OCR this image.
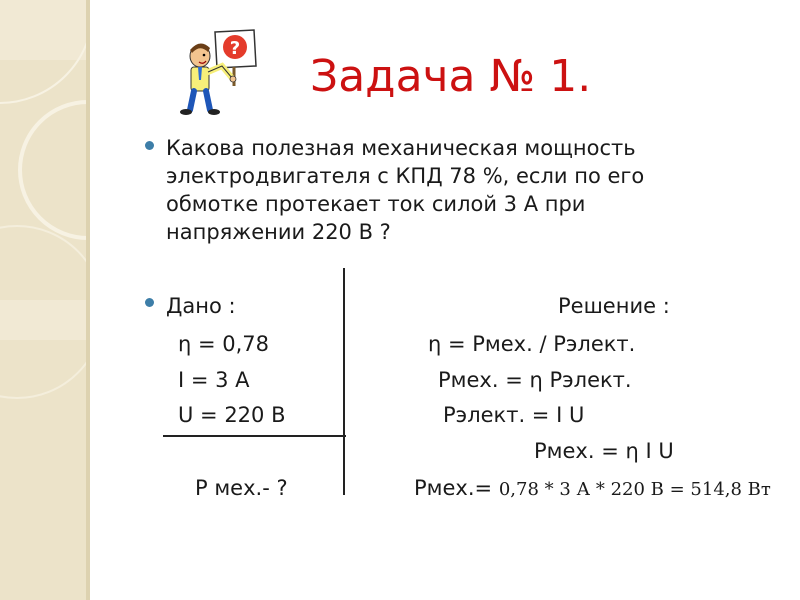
?
Задача № 1.
Какова полезная механическая мощность
электродвигателя с КПД 78 %, если по его
обмотке протекает ток силой 3 А при
напряжении 220 В ?
Дано :
η = 0,78
I = 3 А
U = 220 В
Р мех.- ?
Решение :
η = Рмех. / Рэлект.
Рмех. = η Рэлект.
Рэлект. = I U
Рмех. = η I U
Рмех.= 0,78 * 3 А * 220 В = 514,8 Вт
